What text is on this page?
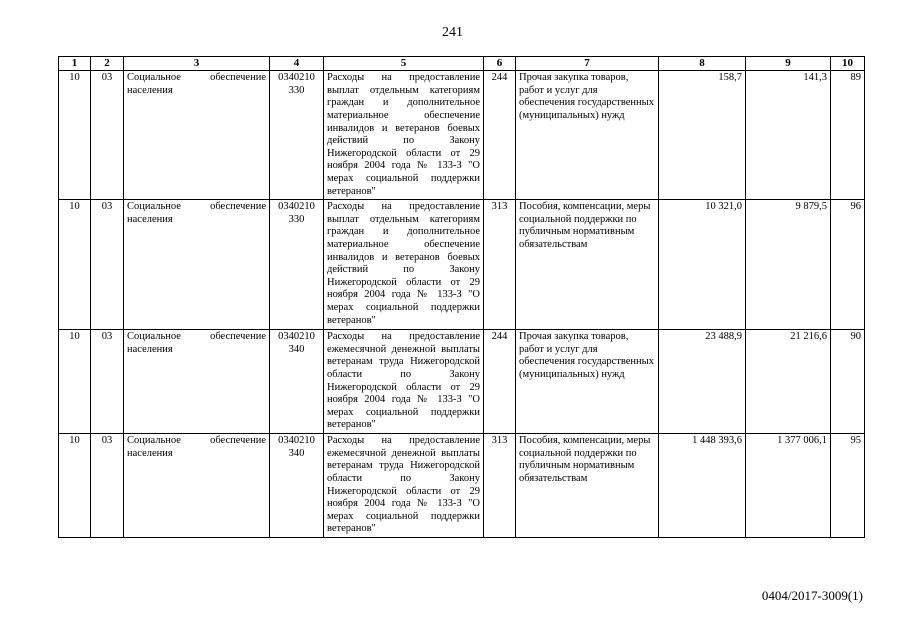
241
1	2	3	4	5	6	7	8	9	10
10	03	Социальное обеспечение населения	0340210 330	Расходы на предоставление выплат отдельным категориям граждан и дополнительное материальное обеспечение инвалидов и ветеранов боевых действий по Закону Нижегородской области от 29 ноября 2004 года № 133-З "О мерах социальной поддержки ветеранов"	244	Прочая закупка товаров, работ и услуг для обеспечения государственных (муниципальных) нужд	158,7	141,3	89
10	03	Социальное обеспечение населения	0340210 330	Расходы на предоставление выплат отдельным категориям граждан и дополнительное материальное обеспечение инвалидов и ветеранов боевых действий по Закону Нижегородской области от 29 ноября 2004 года № 133-З "О мерах социальной поддержки ветеранов"	313	Пособия, компенсации, меры социальной поддержки по публичным нормативным обязательствам	10 321,0	9 879,5	96
10	03	Социальное обеспечение населения	0340210 340	Расходы на предоставление ежемесячной денежной выплаты ветеранам труда Нижегородской области по Закону Нижегородской области от 29 ноября 2004 года № 133-З "О мерах социальной поддержки ветеранов"	244	Прочая закупка товаров, работ и услуг для обеспечения государственных (муниципальных) нужд	23 488,9	21 216,6	90
10	03	Социальное обеспечение населения	0340210 340	Расходы на предоставление ежемесячной денежной выплаты ветеранам труда Нижегородской области по Закону Нижегородской области от 29 ноября 2004 года № 133-З "О мерах социальной поддержки ветеранов"	313	Пособия, компенсации, меры социальной поддержки по публичным нормативным обязательствам	1 448 393,6	1 377 006,1	95
0404/2017-3009(1)
